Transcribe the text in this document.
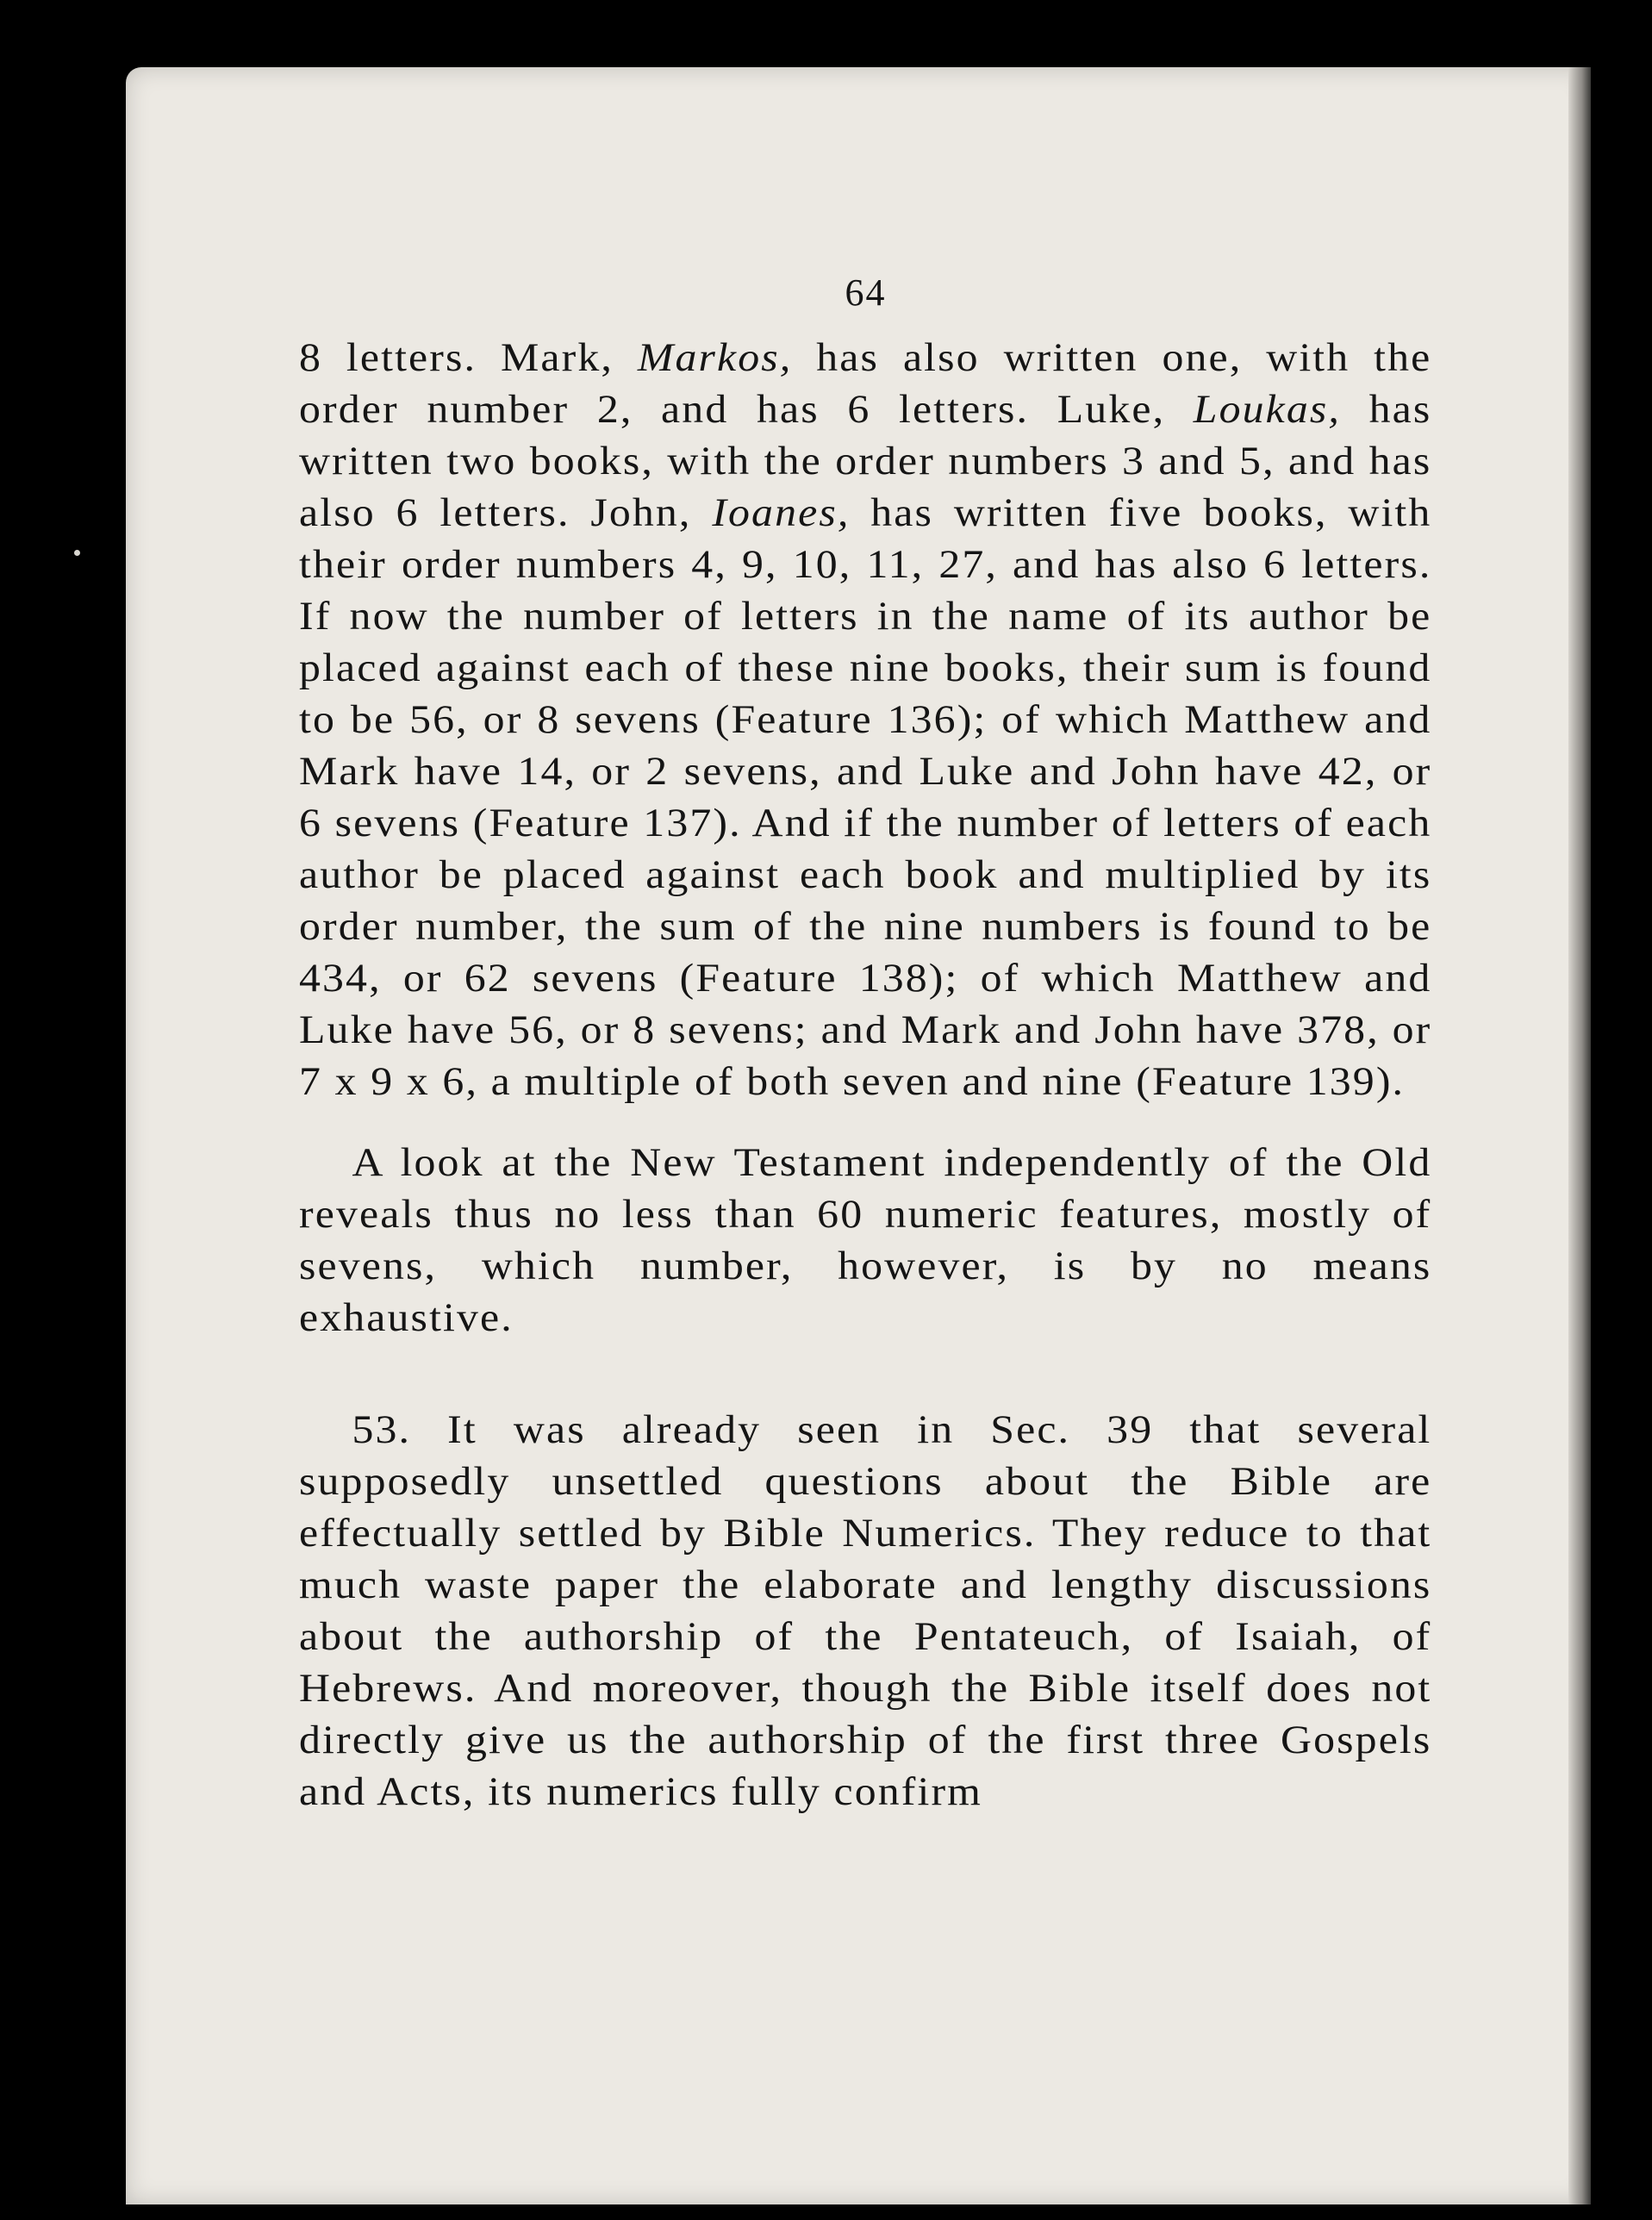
64

8 letters. Mark, Markos, has also written one, with the order number 2, and has 6 letters. Luke, Loukas, has written two books, with the order numbers 3 and 5, and has also 6 letters. John, Ioanes, has written five books, with their order numbers 4, 9, 10, 11, 27, and has also 6 letters. If now the number of letters in the name of its author be placed against each of these nine books, their sum is found to be 56, or 8 sevens (Feature 136); of which Matthew and Mark have 14, or 2 sevens, and Luke and John have 42, or 6 sevens (Feature 137). And if the number of letters of each author be placed against each book and multiplied by its order number, the sum of the nine numbers is found to be 434, or 62 sevens (Feature 138); of which Matthew and Luke have 56, or 8 sevens; and Mark and John have 378, or 7 x 9 x 6, a multiple of both seven and nine (Feature 139).

A look at the New Testament independently of the Old reveals thus no less than 60 numeric features, mostly of sevens, which number, however, is by no means exhaustive.

53. It was already seen in Sec. 39 that several supposedly unsettled questions about the Bible are effectually settled by Bible Numerics. They reduce to that much waste paper the elaborate and lengthy discussions about the authorship of the Pentateuch, of Isaiah, of Hebrews. And moreover, though the Bible itself does not directly give us the authorship of the first three Gospels and Acts, its numerics fully confirm
